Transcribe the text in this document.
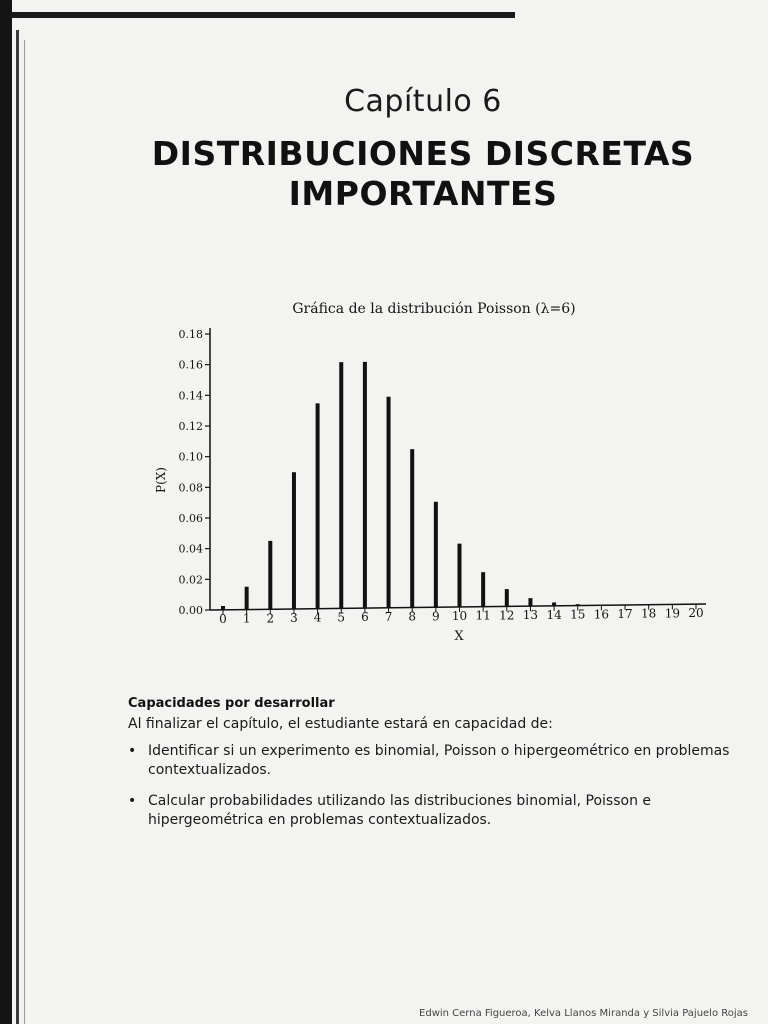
Capítulo 6
DISTRIBUCIONES DISCRETAS
IMPORTANTES
Gráfica de la distribución Poisson (λ=6)
0.00
0.02
0.04
0.06
0.08
0.10
0.12
0.14
0.16
0.18
P(X)
0 1 2 3 4 5 6 7 8 9 10 11 12 13 14 15 16 17 18 19 20
X
Capacidades por desarrollar
Al finalizar el capítulo, el estudiante estará en capacidad de:
• Identificar si un experimento es binomial, Poisson o hipergeométrico en problemas contextualizados.
• Calcular probabilidades utilizando las distribuciones binomial, Poisson e hipergeométrica en problemas contextualizados.
Edwin Cerna Figueroa, Kelva Llanos Miranda y Silvia Pajuelo Rojas
